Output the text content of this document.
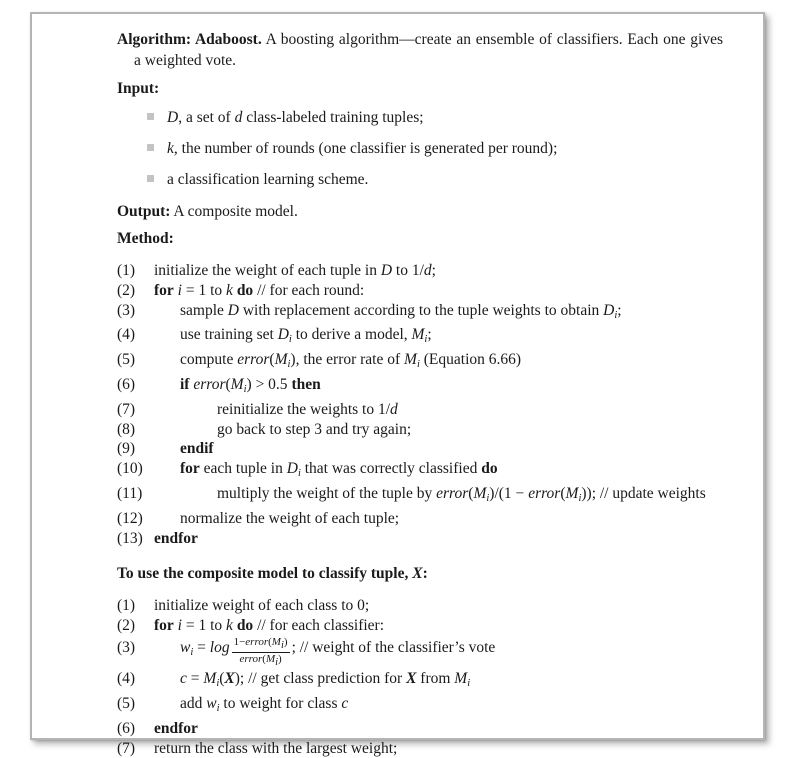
Algorithm: Adaboost. A boosting algorithm—create an ensemble of classifiers. Each one gives a weighted vote.

Input:

D, a set of d class-labeled training tuples;
k, the number of rounds (one classifier is generated per round);
a classification learning scheme.

Output: A composite model.

Method:

(1)	initialize the weight of each tuple in D to 1/d;
(2)	for i = 1 to k do // for each round:
(3)	sample D with replacement according to the tuple weights to obtain Di;
(4)	use training set Di to derive a model, Mi;
(5)	compute error(Mi), the error rate of Mi (Equation 6.66)
(6)	if error(Mi) > 0.5 then
(7)	reinitialize the weights to 1/d
(8)	go back to step 3 and try again;
(9)	endif
(10)	for each tuple in Di that was correctly classified do
(11)	multiply the weight of the tuple by error(Mi)/(1 − error(Mi)); // update weights
(12)	normalize the weight of each tuple;
(13) endfor

To use the composite model to classify tuple, X:

(1)	initialize weight of each class to 0;
(2)	for i = 1 to k do // for each classifier:
(3)	wi = $\log \frac{\text{1−error(Mi)}}{\text{error(Mi)}}$ ; // weight of the classifier’s vote
(4)	c = Mi(X); // get class prediction for X from Mi
(5)	add wi to weight for class c
(6)	endfor
(7)	return the class with the largest weight;
